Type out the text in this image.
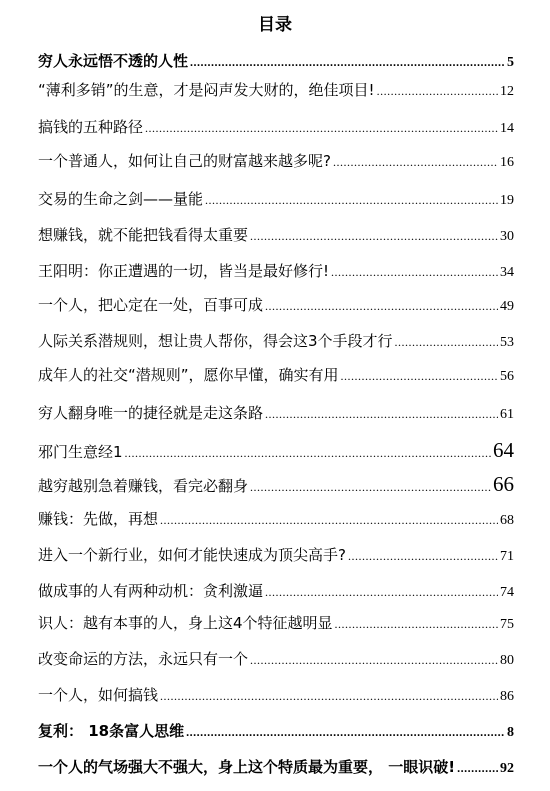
目录
穷人永远悟不透的人性 .....	5
“薄利多销”的生意，才是闷声发大财的，绝佳项目! .....	12
搞钱的五种路径 .....	14
一个普通人，如何让自己的财富越来越多呢? .....	16
交易的生命之剑——量能 .....	19
想赚钱，就不能把钱看得太重要 .....	30
王阳明：你正遭遇的一切，皆当是最好修行! .....	34
一个人，把心定在一处，百事可成 .....	49
人际关系潜规则，想让贵人帮你，得会这3个手段才行 .....	53
成年人的社交“潜规则”，愿你早懂，确实有用 .....	56
穷人翻身唯一的捷径就是走这条路 .....	61
邪门生意经1 .....	64
越穷越别急着赚钱，看完必翻身 .....	66
赚钱：先做，再想 .....	68
进入一个新行业，如何才能快速成为顶尖高手? .....	71
做成事的人有两种动机：贪利激逼 .....	74
识人：越有本事的人，身上这4个特征越明显 .....	75
改变命运的方法，永远只有一个 .....	80
一个人，如何搞钱 .....	86
复利： 18条富人思维 .....	8
一个人的气场强大不强大，身上这个特质最为重要， 一眼识破! .....	92
